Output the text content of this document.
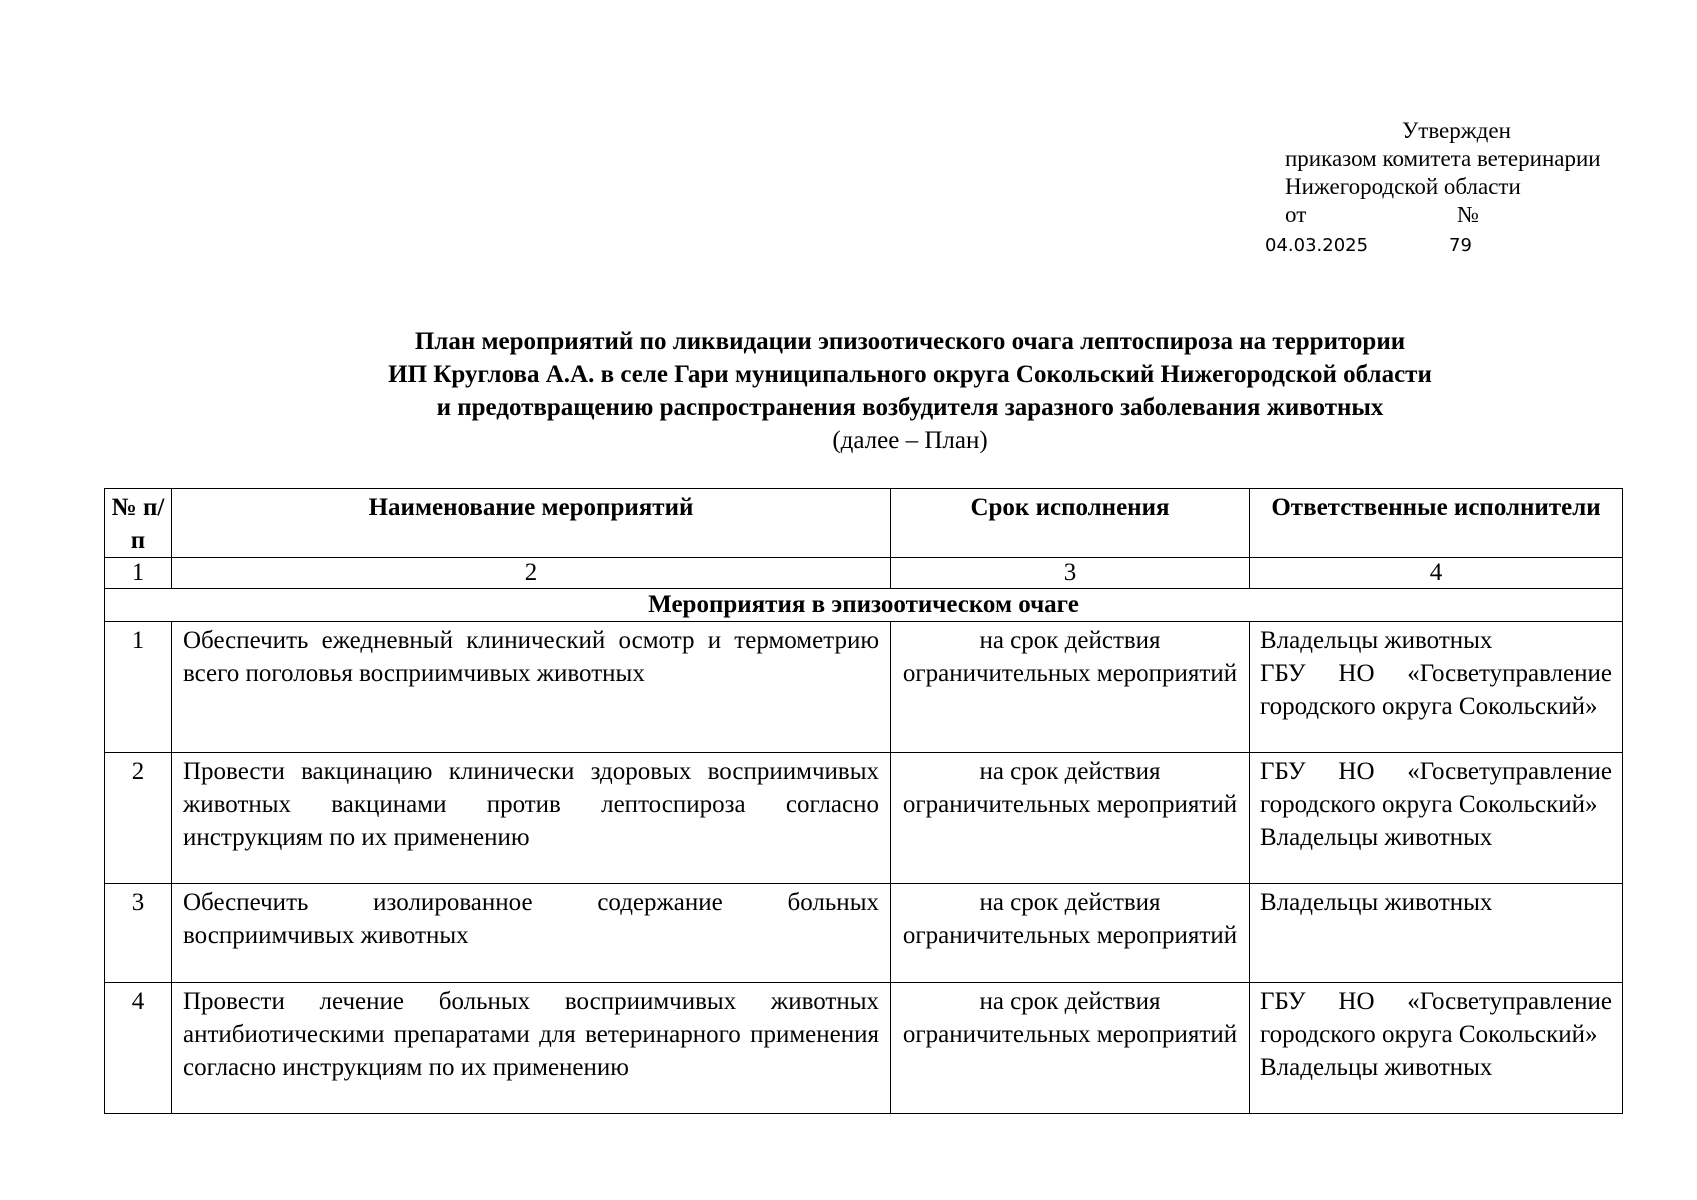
Утвержден
приказом комитета ветеринарии
Нижегородской области
от	№
04.03.2025	79
План мероприятий по ликвидации эпизоотического очага лептоспироза на территории
ИП Круглова А.А. в селе Гари муниципального округа Сокольский Нижегородской области
и предотвращению распространения возбудителя заразного заболевания животных
(далее – План)
№ п/п	Наименование мероприятий	Срок исполнения	Ответственные исполнители
1	2	3	4
Мероприятия в эпизоотическом очаге			
1	Обеспечить ежедневный клинический осмотр и термометрию всего поголовья восприимчивых животных	на срок действия ограничительных мероприятий	Владельцы животных
ГБУ НО «Госветуправление городского округа Сокольский»

2	Провести вакцинацию клинически здоровых восприимчивых животных вакцинами против лептоспироза согласно инструкциям по их применению	на срок действия ограничительных мероприятий	ГБУ НО «Госветуправление городского округа Сокольский»
Владельцы животных

3	Обеспечить изолированное содержание больных восприимчивых животных	на срок действия ограничительных мероприятий	Владельцы животных

4	Провести лечение больных восприимчивых животных антибиотическими препаратами для ветеринарного применения согласно инструкциям по их применению	на срок действия ограничительных мероприятий	ГБУ НО «Госветуправление городского округа Сокольский»
Владельцы животных
